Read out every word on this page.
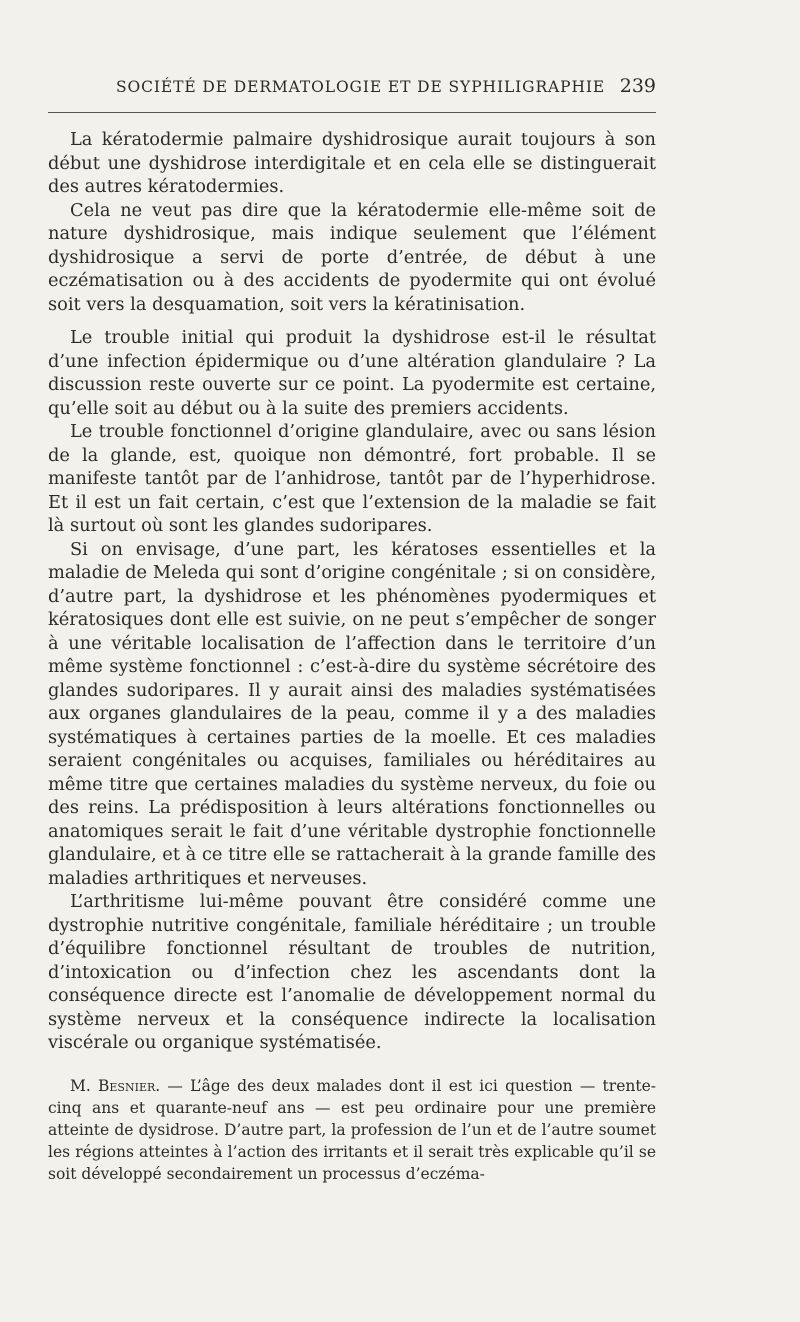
SOCIÉTÉ DE DERMATOLOGIE ET DE SYPHILIGRAPHIE 239

La kératodermie palmaire dyshidrosique aurait toujours à son début une dyshidrose interdigitale et en cela elle se distinguerait des autres kératodermies.

Cela ne veut pas dire que la kératodermie elle-même soit de nature dyshidrosique, mais indique seulement que l’élément dyshidrosique a servi de porte d’entrée, de début à une eczématisation ou à des accidents de pyodermite qui ont évolué soit vers la desquamation, soit vers la kératinisation.

Le trouble initial qui produit la dyshidrose est-il le résultat d’une infection épidermique ou d’une altération glandulaire ? La discussion reste ouverte sur ce point. La pyodermite est certaine, qu’elle soit au début ou à la suite des premiers accidents.

Le trouble fonctionnel d’origine glandulaire, avec ou sans lésion de la glande, est, quoique non démontré, fort probable. Il se manifeste tantôt par de l’anhidrose, tantôt par de l’hyperhidrose. Et il est un fait certain, c’est que l’extension de la maladie se fait là surtout où sont les glandes sudoripares.

Si on envisage, d’une part, les kératoses essentielles et la maladie de Meleda qui sont d’origine congénitale ; si on considère, d’autre part, la dyshidrose et les phénomènes pyodermiques et kératosiques dont elle est suivie, on ne peut s’empêcher de songer à une véritable localisation de l’affection dans le territoire d’un même système fonctionnel : c’est-à-dire du système sécrétoire des glandes sudoripares. Il y aurait ainsi des maladies systématisées aux organes glandulaires de la peau, comme il y a des maladies systématiques à certaines parties de la moelle. Et ces maladies seraient congénitales ou acquises, familiales ou héréditaires au même titre que certaines maladies du système nerveux, du foie ou des reins. La prédisposition à leurs altérations fonctionnelles ou anatomiques serait le fait d’une véritable dystrophie fonctionnelle glandulaire, et à ce titre elle se rattacherait à la grande famille des maladies arthritiques et nerveuses.

L’arthritisme lui-même pouvant être considéré comme une dystrophie nutritive congénitale, familiale héréditaire ; un trouble d’équilibre fonctionnel résultant de troubles de nutrition, d’intoxication ou d’infection chez les ascendants dont la conséquence directe est l’anomalie de développement normal du système nerveux et la conséquence indirecte la localisation viscérale ou organique systématisée.

M. Besnier. — L’âge des deux malades dont il est ici question — trente-cinq ans et quarante-neuf ans — est peu ordinaire pour une première atteinte de dysidrose. D’autre part, la profession de l’un et de l’autre soumet les régions atteintes à l’action des irritants et il serait très explicable qu’il se soit développé secondairement un processus d’eczéma-
